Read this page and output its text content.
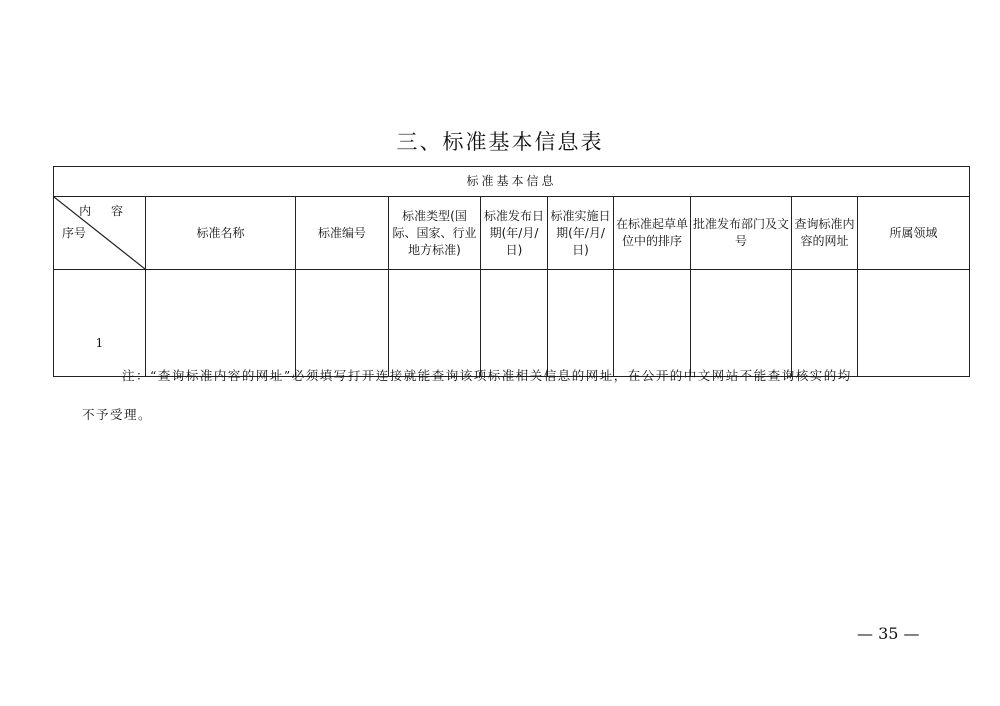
三、标准基本信息表
标准基本信息									

内 容
序号	标准名称	标准编号	标准类型(国际、国家、行业地方标准)	标准发布日期(年/月/日)	标准实施日期(年/月/日)	在标准起草单位中的排序	批准发布部门及文号	查询标准内容的网址	所属领域
1									
注：“查询标准内容的网址”必须填写打开连接就能查询该项标准相关信息的网址，在公开的中文网站不能查询核实的均
不予受理。
— 35 —
